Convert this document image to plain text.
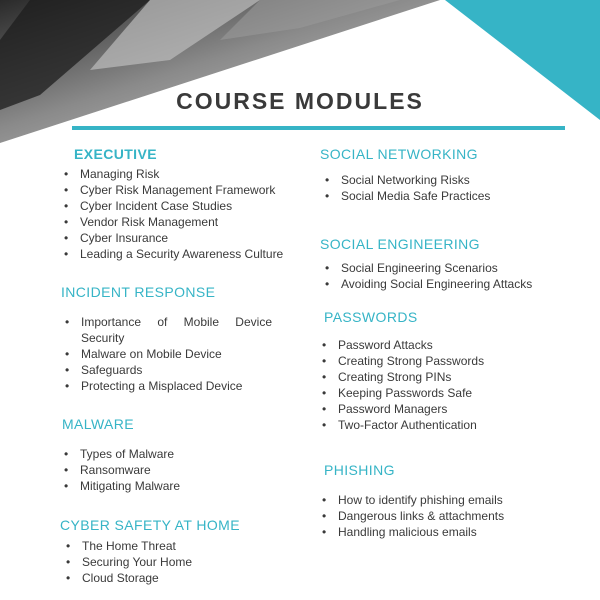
COURSE MODULES
EXECUTIVE
• Managing Risk
• Cyber Risk Management Framework
• Cyber Incident Case Studies
• Vendor Risk Management
• Cyber Insurance
• Leading a Security Awareness Culture
INCIDENT RESPONSE
• Importance of Mobile Device Security
• Malware on Mobile Device
• Safeguards
• Protecting a Misplaced Device
MALWARE
• Types of Malware
• Ransomware
• Mitigating Malware
CYBER SAFETY AT HOME
• The Home Threat
• Securing Your Home
• Cloud Storage
SOCIAL NETWORKING
• Social Networking Risks
• Social Media Safe Practices
SOCIAL ENGINEERING
• Social Engineering Scenarios
• Avoiding Social Engineering Attacks
PASSWORDS
• Password Attacks
• Creating Strong Passwords
• Creating Strong PINs
• Keeping Passwords Safe
• Password Managers
• Two-Factor Authentication
PHISHING
• How to identify phishing emails
• Dangerous links & attachments
• Handling malicious emails
